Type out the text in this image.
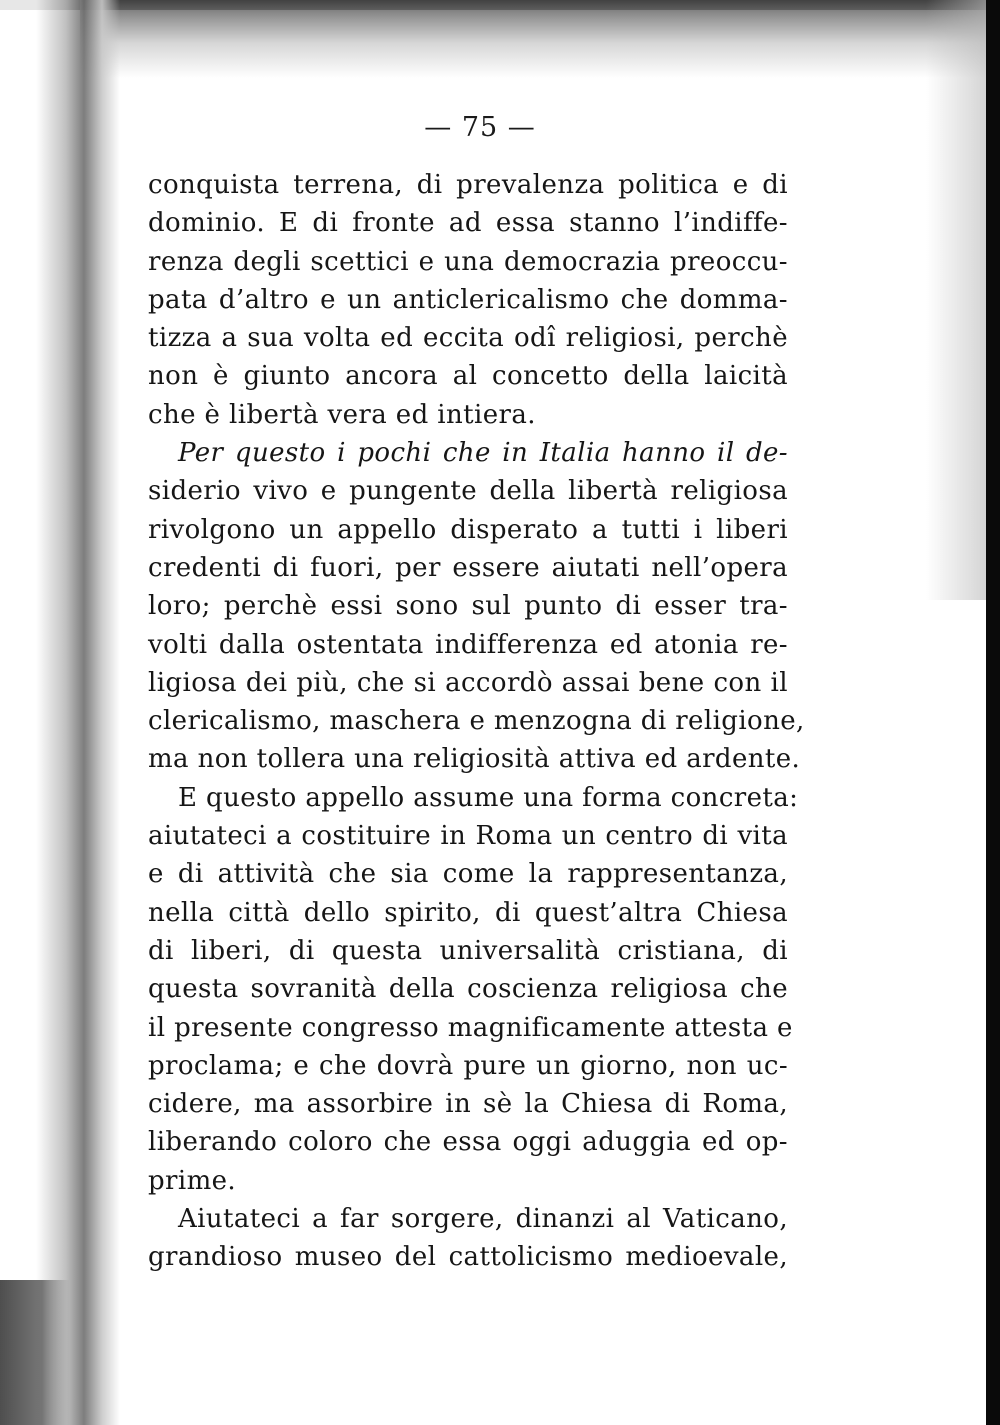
— 75 —
conquista terrena, di prevalenza politica e di
dominio. E di fronte ad essa stanno l’indiffe-
renza degli scettici e una democrazia preoccu-
pata d’altro e un anticlericalismo che domma-
tizza a sua volta ed eccita odî religiosi, perchè
non è giunto ancora al concetto della laicità
che è libertà vera ed intiera.
Per questo i pochi che in Italia hanno il de-
siderio vivo e pungente della libertà religiosa
rivolgono un appello disperato a tutti i liberi
credenti di fuori, per essere aiutati nell’opera
loro; perchè essi sono sul punto di esser tra-
volti dalla ostentata indifferenza ed atonia re-
ligiosa dei più, che si accordò assai bene con il
clericalismo, maschera e menzogna di religione,
ma non tollera una religiosità attiva ed ardente.
E questo appello assume una forma concreta:
aiutateci a costituire in Roma un centro di vita
e di attività che sia come la rappresentanza,
nella città dello spirito, di quest’altra Chiesa
di liberi, di questa universalità cristiana, di
questa sovranità della coscienza religiosa che
il presente congresso magnificamente attesta e
proclama; e che dovrà pure un giorno, non uc-
cidere, ma assorbire in sè la Chiesa di Roma,
liberando coloro che essa oggi aduggia ed op-
prime.
Aiutateci a far sorgere, dinanzi al Vaticano,
grandioso museo del cattolicismo medioevale,
